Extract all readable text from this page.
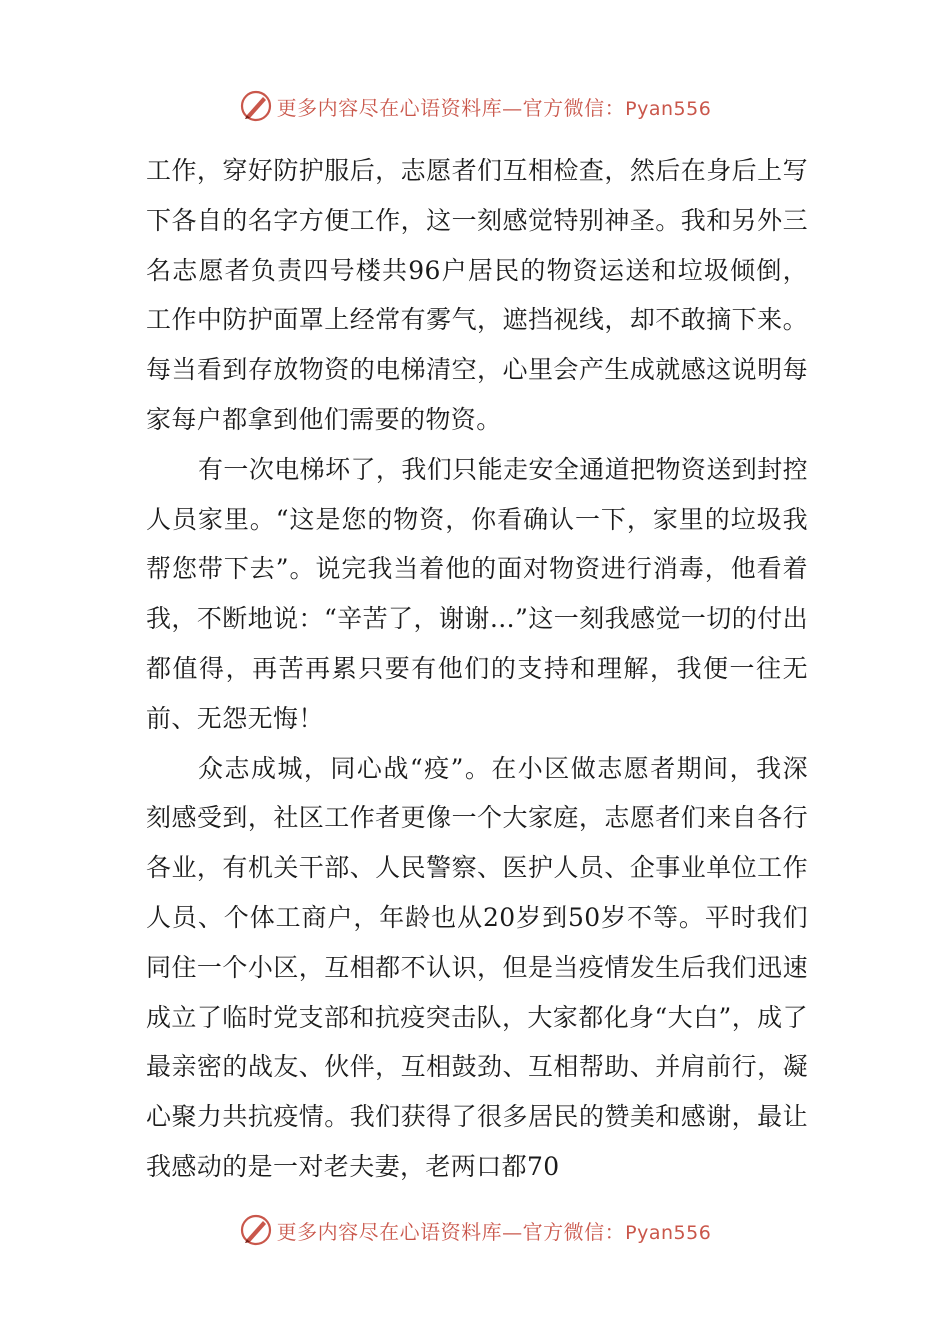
更多内容尽在心语资料库—官方微信：Pyan556

工作，穿好防护服后，志愿者们互相检查，然后在身后上写下各自的名字方便工作，这一刻感觉特别神圣。我和另外三名志愿者负责四号楼共96户居民的物资运送和垃圾倾倒，工作中防护面罩上经常有雾气，遮挡视线，却不敢摘下来。每当看到存放物资的电梯清空，心里会产生成就感这说明每家每户都拿到他们需要的物资。

有一次电梯坏了，我们只能走安全通道把物资送到封控人员家里。“这是您的物资，你看确认一下，家里的垃圾我帮您带下去”。说完我当着他的面对物资进行消毒，他看着我，不断地说：“辛苦了，谢谢…”这一刻我感觉一切的付出都值得，再苦再累只要有他们的支持和理解，我便一往无前、无怨无悔！

众志成城，同心战“疫”。在小区做志愿者期间，我深刻感受到，社区工作者更像一个大家庭，志愿者们来自各行各业，有机关干部、人民警察、医护人员、企事业单位工作人员、个体工商户，年龄也从20岁到50岁不等。平时我们同住一个小区，互相都不认识，但是当疫情发生后我们迅速成立了临时党支部和抗疫突击队，大家都化身“大白”，成了最亲密的战友、伙伴，互相鼓劲、互相帮助、并肩前行，凝心聚力共抗疫情。我们获得了很多居民的赞美和感谢，最让我感动的是一对老夫妻，老两口都70

更多内容尽在心语资料库—官方微信：Pyan556
